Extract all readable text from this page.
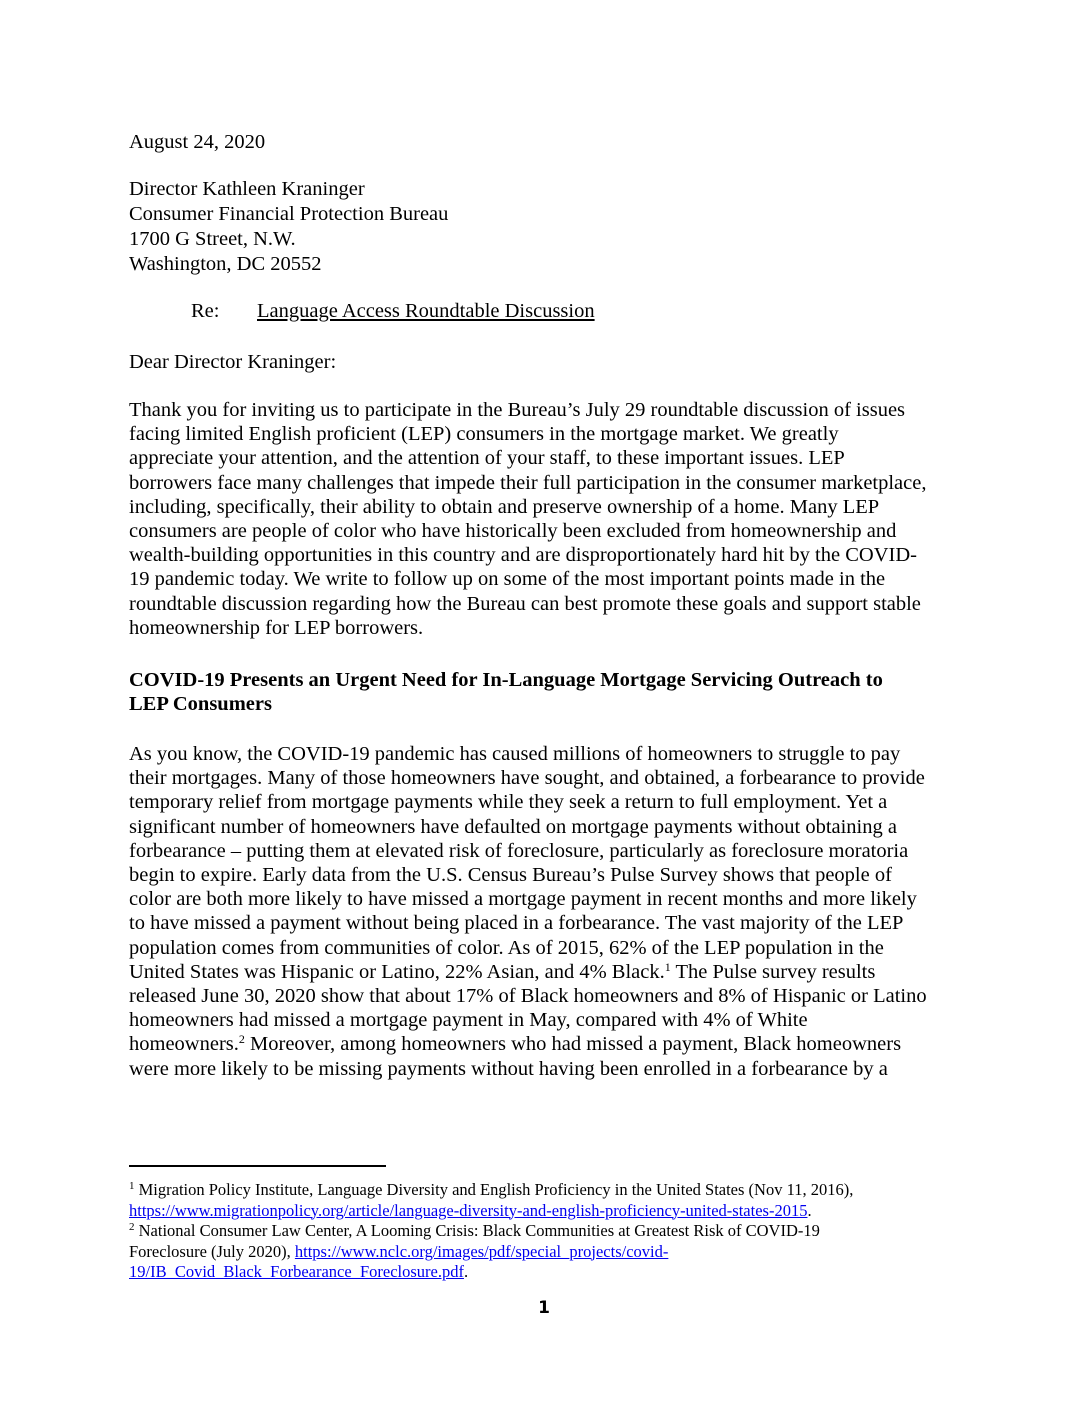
August 24, 2020
Director Kathleen Kraninger
Consumer Financial Protection Bureau
1700 G Street, N.W.
Washington, DC 20552
Re: Language Access Roundtable Discussion
Dear Director Kraninger:

Thank you for inviting us to participate in the Bureau’s July 29 roundtable discussion of issues

facing limited English proficient (LEP) consumers in the mortgage market. We greatly

appreciate your attention, and the attention of your staff, to these important issues. LEP

borrowers face many challenges that impede their full participation in the consumer marketplace,

including, specifically, their ability to obtain and preserve ownership of a home. Many LEP

consumers are people of color who have historically been excluded from homeownership and

wealth-building opportunities in this country and are disproportionately hard hit by the COVID-

19 pandemic today. We write to follow up on some of the most important points made in the

roundtable discussion regarding how the Bureau can best promote these goals and support stable

homeownership for LEP borrowers.

COVID-19 Presents an Urgent Need for In-Language Mortgage Servicing Outreach to
LEP Consumers

As you know, the COVID-19 pandemic has caused millions of homeowners to struggle to pay

their mortgages. Many of those homeowners have sought, and obtained, a forbearance to provide

temporary relief from mortgage payments while they seek a return to full employment. Yet a

significant number of homeowners have defaulted on mortgage payments without obtaining a

forbearance – putting them at elevated risk of foreclosure, particularly as foreclosure moratoria

begin to expire. Early data from the U.S. Census Bureau’s Pulse Survey shows that people of

color are both more likely to have missed a mortgage payment in recent months and more likely

to have missed a payment without being placed in a forbearance. The vast majority of the LEP

population comes from communities of color. As of 2015, 62% of the LEP population in the

United States was Hispanic or Latino, 22% Asian, and 4% Black.$^1$ The Pulse survey results

released June 30, 2020 show that about 17% of Black homeowners and 8% of Hispanic or Latino

homeowners had missed a mortgage payment in May, compared with 4% of White

homeowners.$^2$ Moreover, among homeowners who had missed a payment, Black homeowners

were more likely to be missing payments without having been enrolled in a forbearance by a

$^1$ Migration Policy Institute, Language Diversity and English Proficiency in the United States (Nov 11, 2016),

https://www.migrationpolicy.org/article/language-diversity-and-english-proficiency-united-states-2015.

$^2$ National Consumer Law Center, A Looming Crisis: Black Communities at Greatest Risk of COVID-19

Foreclosure (July 2020), https://www.nclc.org/images/pdf/special_projects/covid-

19/IB_Covid_Black_Forbearance_Foreclosure.pdf.

1
